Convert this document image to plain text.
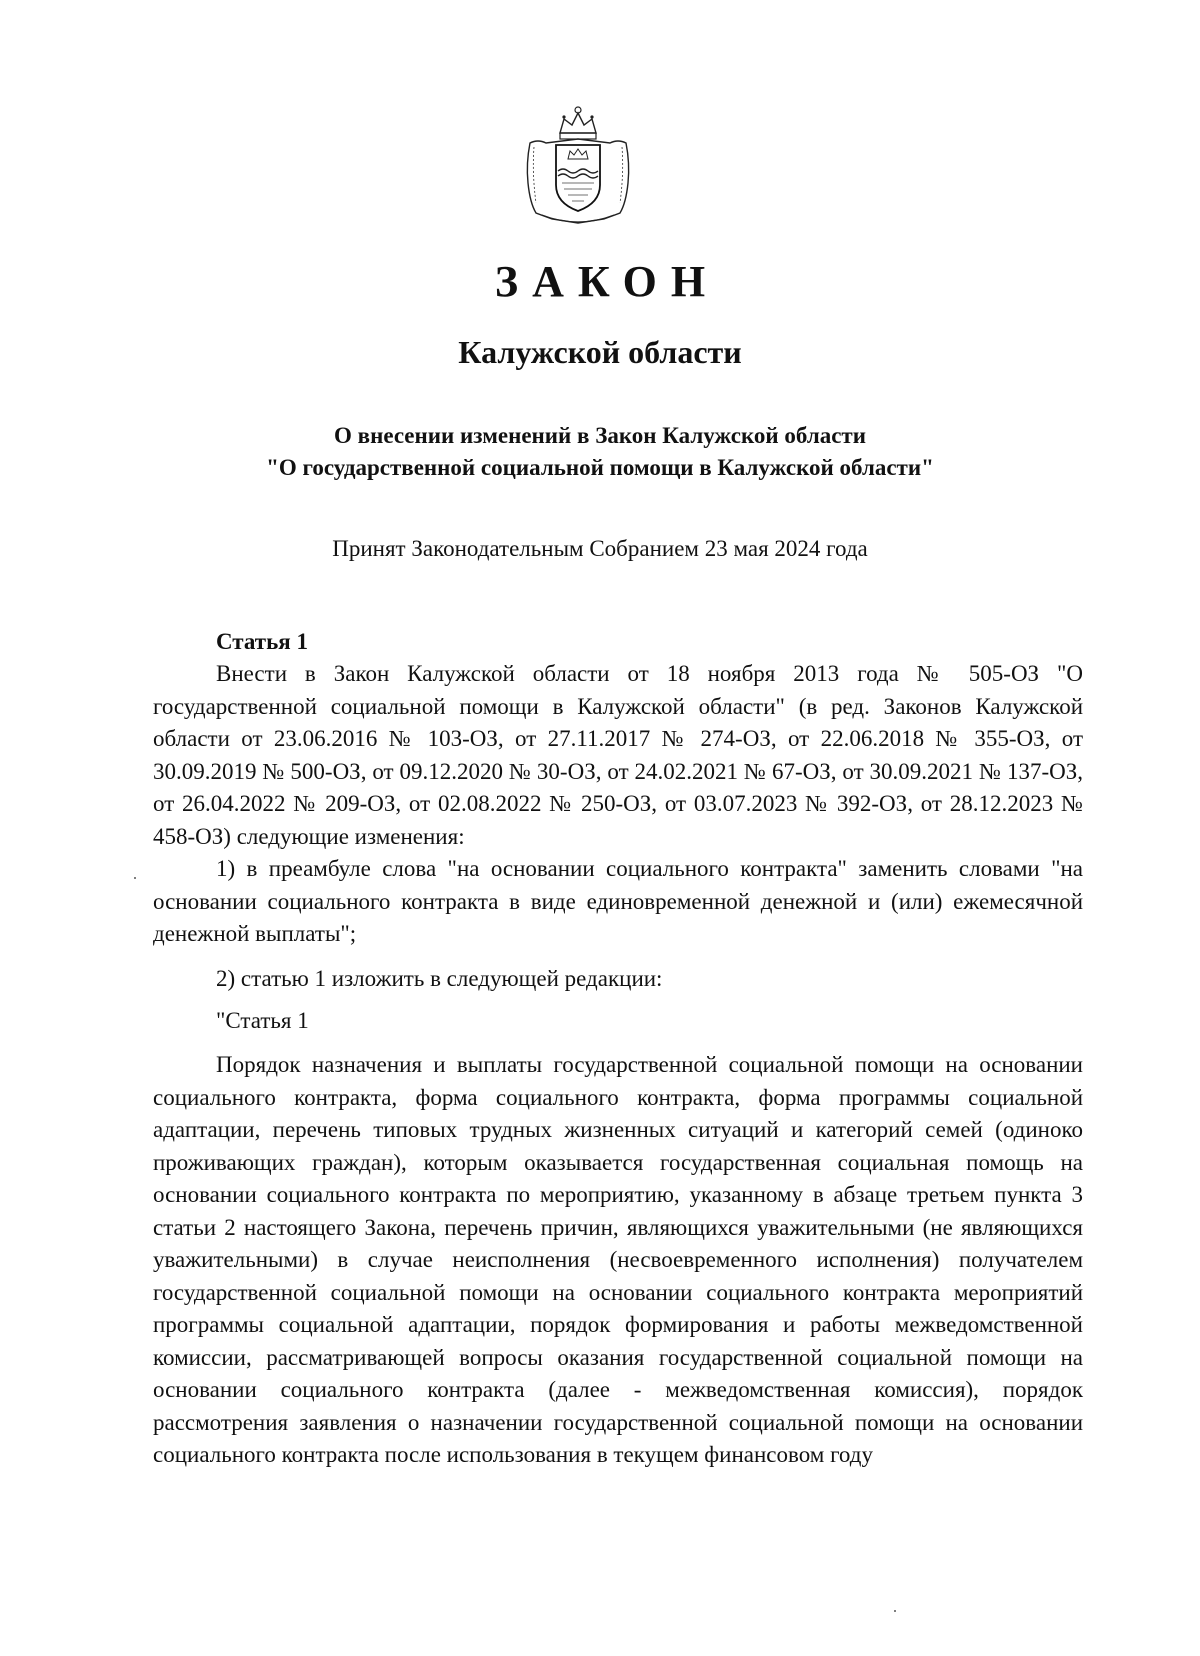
ЗАКОН
Калужской области
О внесении изменений в Закон Калужской области
"О государственной социальной помощи в Калужской области"
Принят Законодательным Собранием 23 мая 2024 года
Статья 1

Внести в Закон Калужской области от 18 ноября 2013 года № 505-ОЗ "О государственной социальной помощи в Калужской области" (в ред. Законов Калужской области от 23.06.2016 № 103-ОЗ, от 27.11.2017 № 274-ОЗ, от 22.06.2018 № 355-ОЗ, от 30.09.2019 № 500-ОЗ, от 09.12.2020 № 30-ОЗ, от 24.02.2021 № 67-ОЗ, от 30.09.2021 № 137-ОЗ, от 26.04.2022 № 209-ОЗ, от 02.08.2022 № 250-ОЗ, от 03.07.2023 № 392-ОЗ, от 28.12.2023 № 458-ОЗ) следующие изменения:

1) в преамбуле слова "на основании социального контракта" заменить словами "на основании социального контракта в виде единовременной денежной и (или) ежемесячной денежной выплаты";

2) статью 1 изложить в следующей редакции:

"Статья 1

Порядок назначения и выплаты государственной социальной помощи на основании социального контракта, форма социального контракта, форма программы социальной адаптации, перечень типовых трудных жизненных ситуаций и категорий семей (одиноко проживающих граждан), которым оказывается государственная социальная помощь на основании социального контракта по мероприятию, указанному в абзаце третьем пункта 3 статьи 2 настоящего Закона, перечень причин, являющихся уважительными (не являющихся уважительными) в случае неисполнения (несвоевременного исполнения) получателем государственной социальной помощи на основании социального контракта мероприятий программы социальной адаптации, порядок формирования и работы межведомственной комиссии, рассматривающей вопросы оказания государственной социальной помощи на основании социального контракта (далее - межведомственная комиссия), порядок рассмотрения заявления о назначении государственной социальной помощи на основании социального контракта после использования в текущем финансовом году
